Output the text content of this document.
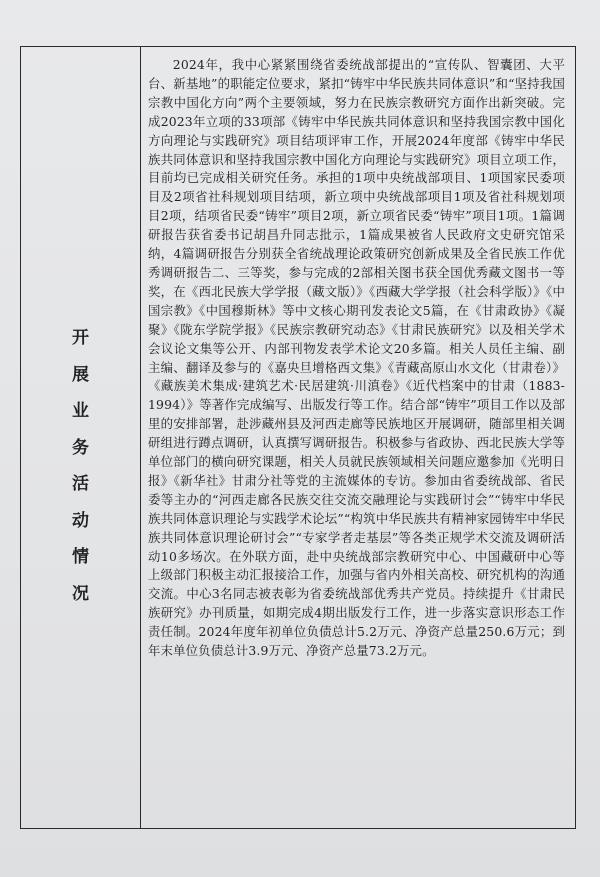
开展业务活动情况

2024年，我中心紧紧围绕省委统战部提出的“宣传队、智囊团、大平台、新基地”的职能定位要求，紧扣“铸牢中华民族共同体意识”和“坚持我国宗教中国化方向”两个主要领域，努力在民族宗教研究方面作出新突破。完成2023年立项的33项部《铸牢中华民族共同体意识和坚持我国宗教中国化方向理论与实践研究》项目结项评审工作，开展2024年度部《铸牢中华民族共同体意识和坚持我国宗教中国化方向理论与实践研究》项目立项工作，目前均已完成相关研究任务。承担的1项中央统战部项目、1项国家民委项目及2项省社科规划项目结项，新立项中央统战部项目1项及省社科规划项目2项，结项省民委“铸牢”项目2项，新立项省民委“铸牢”项目1项。1篇调研报告获省委书记胡昌升同志批示，1篇成果被省人民政府文史研究馆采纳，4篇调研报告分别获全省统战理论政策研究创新成果及全省民族工作优秀调研报告二、三等奖，参与完成的2部相关图书获全国优秀藏文图书一等奖，在《西北民族大学学报（藏文版）》《西藏大学学报（社会科学版）》《中国宗教》《中国穆斯林》等中文核心期刊发表论文5篇，在《甘肃政协》《凝聚》《陇东学院学报》《民族宗教研究动态》《甘肃民族研究》以及相关学术会议论文集等公开、内部刊物发表学术论文20多篇。相关人员任主编、副主编、翻译及参与的《嘉央旦增格西文集》《青藏高原山水文化（甘肃卷）》《藏族美术集成·建筑艺术·民居建筑·川滇卷》《近代档案中的甘肃（1883-1994）》等著作完成编写、出版发行等工作。结合部“铸牢”项目工作以及部里的安排部署，赴涉藏州县及河西走廊等民族地区开展调研，随部里相关调研组进行蹲点调研，认真撰写调研报告。积极参与省政协、西北民族大学等单位部门的横向研究课题，相关人员就民族领域相关问题应邀参加《光明日报》《新华社》甘肃分社等党的主流媒体的专访。参加由省委统战部、省民委等主办的“河西走廊各民族交往交流交融理论与实践研讨会”“铸牢中华民族共同体意识理论与实践学术论坛”“构筑中华民族共有精神家园铸牢中华民族共同体意识理论研讨会”“专家学者走基层”等各类正规学术交流及调研活动10多场次。在外联方面，赴中央统战部宗教研究中心、中国藏研中心等上级部门积极主动汇报接洽工作，加强与省内外相关高校、研究机构的沟通交流。中心3名同志被表彰为省委统战部优秀共产党员。持续提升《甘肃民族研究》办刊质量，如期完成4期出版发行工作，进一步落实意识形态工作责任制。2024年度年初单位负债总计5.2万元、净资产总量250.6万元；到年末单位负债总计3.9万元、净资产总量73.2万元。
